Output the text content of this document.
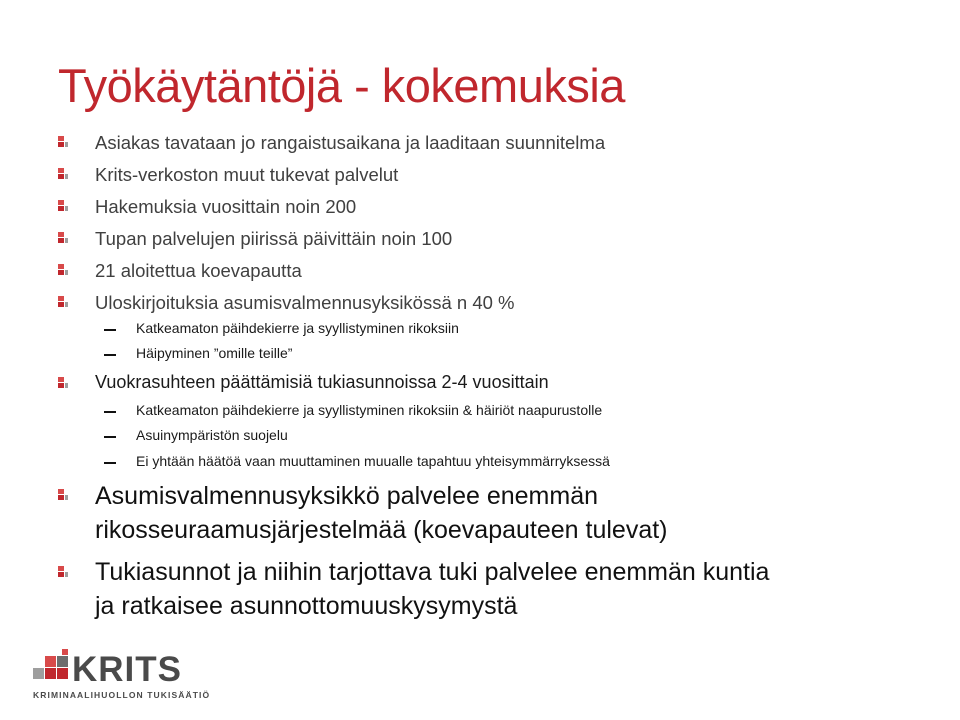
Työkäytäntöjä - kokemuksia
Asiakas tavataan jo rangaistusaikana ja laaditaan suunnitelma
Krits-verkoston muut tukevat palvelut
Hakemuksia vuosittain noin 200
Tupan palvelujen piirissä päivittäin noin 100
21 aloitettua koevapautta
Uloskirjoituksia asumisvalmennusyksikössä n 40 %
Katkeamaton päihdekierre ja syyllistyminen rikoksiin
Häipyminen ”omille teille”
Vuokrasuhteen päättämisiä tukiasunnoissa 2-4 vuosittain
Katkeamaton päihdekierre ja syyllistyminen rikoksiin & häiriöt naapurustolle
Asuinympäristön suojelu
Ei yhtään häätöä vaan muuttaminen muualle tapahtuu yhteisymmärryksessä
Asumisvalmennusyksikkö palvelee enemmän
rikosseuraamusjärjestelmää (koevapauteen tulevat)
Tukiasunnot ja niihin tarjottava tuki palvelee enemmän kuntia
ja ratkaisee asunnottomuuskysymystä
KRITS
KRIMINAALIHUOLLON TUKISÄÄTIÖ
